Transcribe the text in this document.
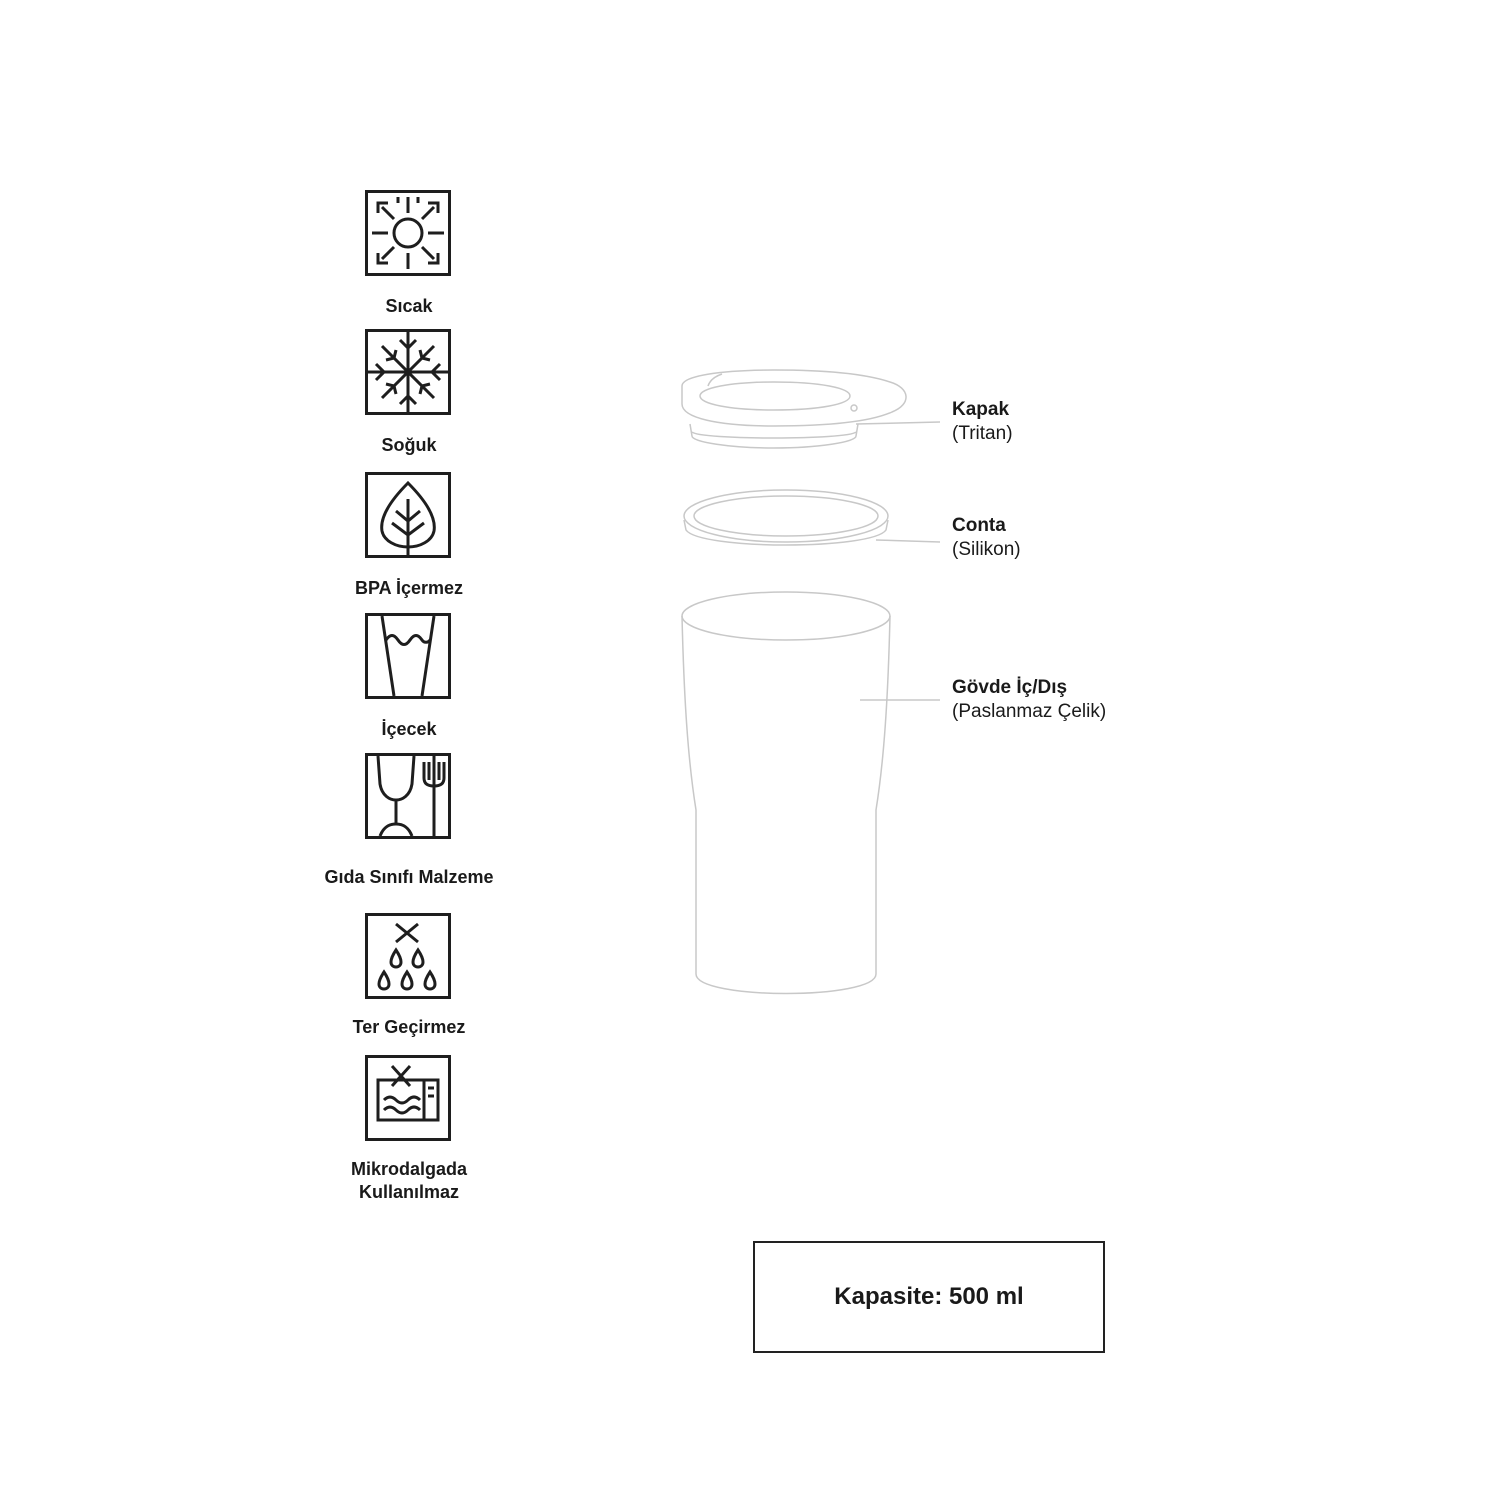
Sıcak
Soğuk
BPA İçermez
İçecek
Gıda Sınıfı Malzeme
Ter Geçirmez
Mikrodalgada
Kullanılmaz
Kapak
(Tritan)
Conta
(Silikon)
Gövde İç/Dış
(Paslanmaz Çelik)
Kapasite: 500 ml
